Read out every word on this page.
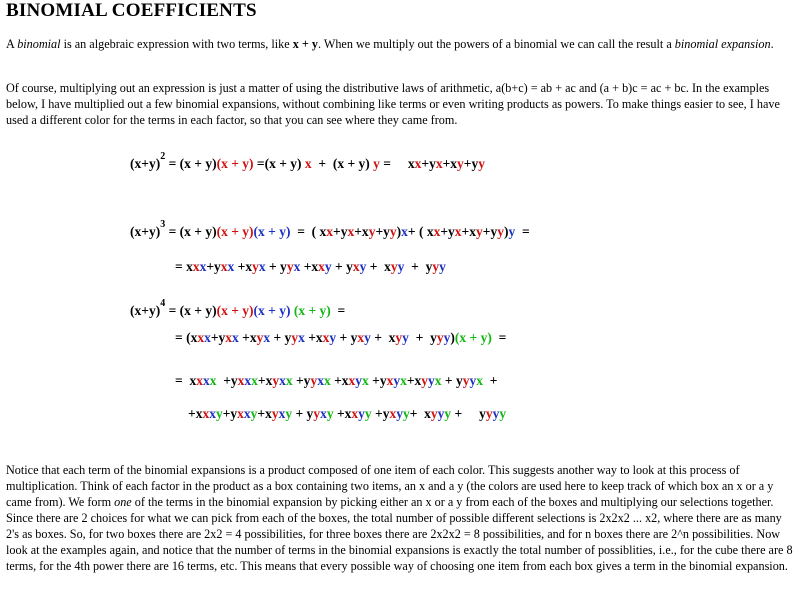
BINOMIAL COEFFICIENTS

A binomial is an algebraic expression with two terms, like x + y. When we multiply out the powers of a binomial we can call the result a binomial expansion.

Of course, multiplying out an expression is just a matter of using the distributive laws of arithmetic, a(b+c) = ab + ac and (a + b)c = ac + bc. In the examples below, I have multiplied out a few binomial expansions, without combining like terms or even writing products as powers. To make things easier to see, I have used a different color for the terms in each factor, so that you can see where they came from.

(x+y)2 = (x + y)(x + y) =(x + y) x  +  (x + y) y =     xx+yx+xy+yy
(x+y)3 = (x + y)(x + y)(x + y)  =  ( xx+yx+xy+yy)x+ ( xx+yx+xy+yy)y  =
= xxx+yxx +xyx + yyx +xxy + yxy +  xyy  +  yyy
(x+y)4 = (x + y)(x + y)(x + y) (x + y)  =
= (xxx+yxx +xyx + yyx +xxy + yxy +  xyy  +  yyy)(x + y)  =
=  xxxx  +yxxx+xyxx +yyxx +xxyx +yxyx+xyyx + yyyx  +
+xxxy+yxxy+xyxy + yyxy +xxyy +yxyy+  xyyy +     yyyy

Notice that each term of the binomial expansions is a product composed of one item of each color. This suggests another way to look at this process of multiplication. Think of each factor in the product as a box containing two items, an x and a y (the colors are used here to keep track of which box an x or a y came from). We form one of the terms in the binomial expansion by picking either an x or a y from each of the boxes and multiplying our selections together. Since there are 2 choices for what we can pick from each of the boxes, the total number of possible different selections is 2x2x2 ... x2, where there are as many 2's as boxes. So, for two boxes there are 2x2 = 4 possibilities, for three boxes there are 2x2x2 = 8 possibilities, and for n boxes there are 2^n possibilities. Now look at the examples again, and notice that the number of terms in the binomial expansions is exactly the total number of possiblities, i.e., for the cube there are 8 terms, for the 4th power there are 16 terms, etc. This means that every possible way of choosing one item from each box gives a term in the binomial expansion.
